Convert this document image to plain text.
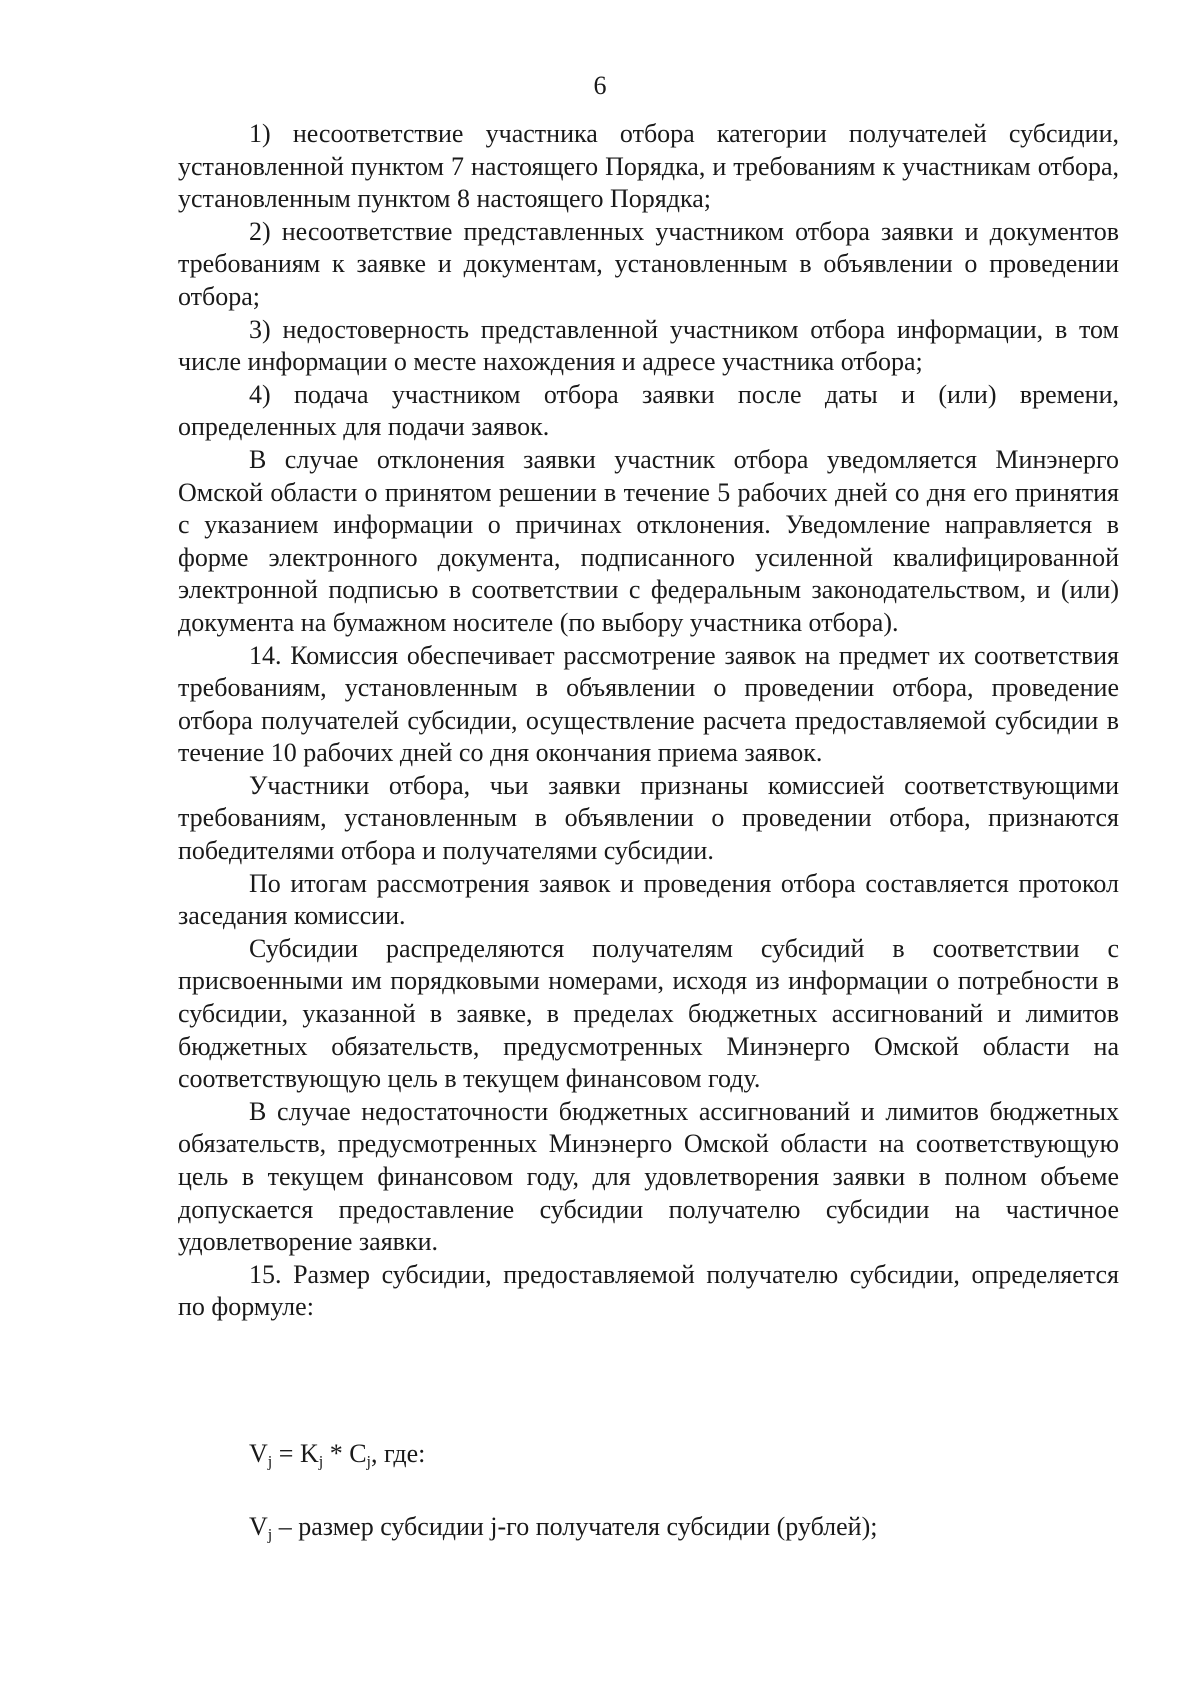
6

1) несоответствие участника отбора категории получателей субсидии, установленной пунктом 7 настоящего Порядка, и требованиям к участникам отбора, установленным пунктом 8 настоящего Порядка;

2) несоответствие представленных участником отбора заявки и документов требованиям к заявке и документам, установленным в объявлении о проведении отбора;

3) недостоверность представленной участником отбора информации, в том числе информации о месте нахождения и адресе участника отбора;

4) подача участником отбора заявки после даты и (или) времени, определенных для подачи заявок.

В случае отклонения заявки участник отбора уведомляется Минэнерго Омской области о принятом решении в течение 5 рабочих дней со дня его принятия с указанием информации о причинах отклонения. Уведомление направляется в форме электронного документа, подписанного усиленной квалифицированной электронной подписью в соответствии с федеральным законодательством, и (или) документа на бумажном носителе (по выбору участника отбора).

14. Комиссия обеспечивает рассмотрение заявок на предмет их соответствия требованиям, установленным в объявлении о проведении отбора, проведение отбора получателей субсидии, осуществление расчета предоставляемой субсидии в течение 10 рабочих дней со дня окончания приема заявок.

Участники отбора, чьи заявки признаны комиссией соответствующими требованиям, установленным в объявлении о проведении отбора, признаются победителями отбора и получателями субсидии.

По итогам рассмотрения заявок и проведения отбора составляется протокол заседания комиссии.

Субсидии распределяются получателям субсидий в соответствии с присвоенными им порядковыми номерами, исходя из информации о потребности в субсидии, указанной в заявке, в пределах бюджетных ассигнований и лимитов бюджетных обязательств, предусмотренных Минэнерго Омской области на соответствующую цель в текущем финансовом году.

В случае недостаточности бюджетных ассигнований и лимитов бюджетных обязательств, предусмотренных Минэнерго Омской области на соответствующую цель в текущем финансовом году, для удовлетворения заявки в полном объеме допускается предоставление субсидии получателю субсидии на частичное удовлетворение заявки.

15. Размер субсидии, предоставляемой получателю субсидии, определяется по формуле:

$V_j = K_j * C_j$, где:
$V_j$ – размер субсидии j-го получателя субсидии (рублей);
